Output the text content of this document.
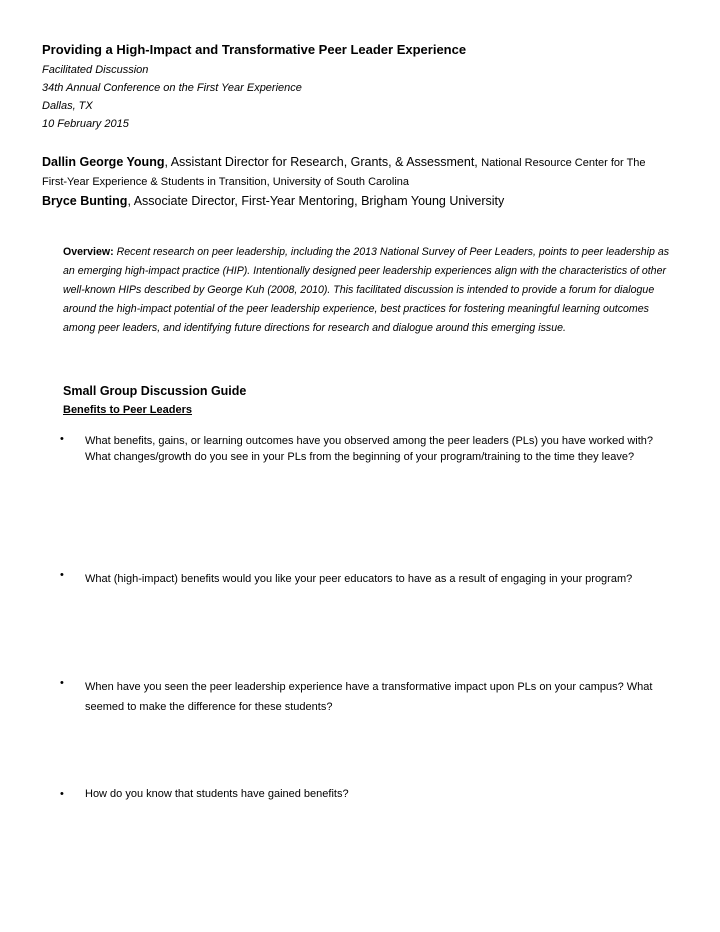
Providing a High-Impact and Transformative Peer Leader Experience

Facilitated Discussion

34th Annual Conference on the First Year Experience

Dallas, TX

10 February 2015

Dallin George Young, Assistant Director for Research, Grants, & Assessment, National Resource Center for The

First-Year Experience & Students in Transition, University of South Carolina

Bryce Bunting, Associate Director, First-Year Mentoring, Brigham Young University

Overview: Recent research on peer leadership, including the 2013 National Survey of Peer Leaders, points to peer leadership as an emerging high-impact practice (HIP). Intentionally designed peer leadership experiences align with the characteristics of other well-known HIPs described by George Kuh (2008, 2010). This facilitated discussion is intended to provide a forum for dialogue around the high-impact potential of the peer leadership experience, best practices for fostering meaningful learning outcomes among peer leaders, and identifying future directions for research and dialogue around this emerging issue.

Small Group Discussion Guide

Benefits to Peer Leaders

•	What benefits, gains, or learning outcomes have you observed among the peer leaders (PLs) you have worked with? What changes/growth do you see in your PLs from the beginning of your program/training to the time they leave?
•	What (high-impact) benefits would you like your peer educators to have as a result of engaging in your program?
•	When have you seen the peer leadership experience have a transformative impact upon PLs on your campus? What seemed to make the difference for these students?
•	How do you know that students have gained benefits?
